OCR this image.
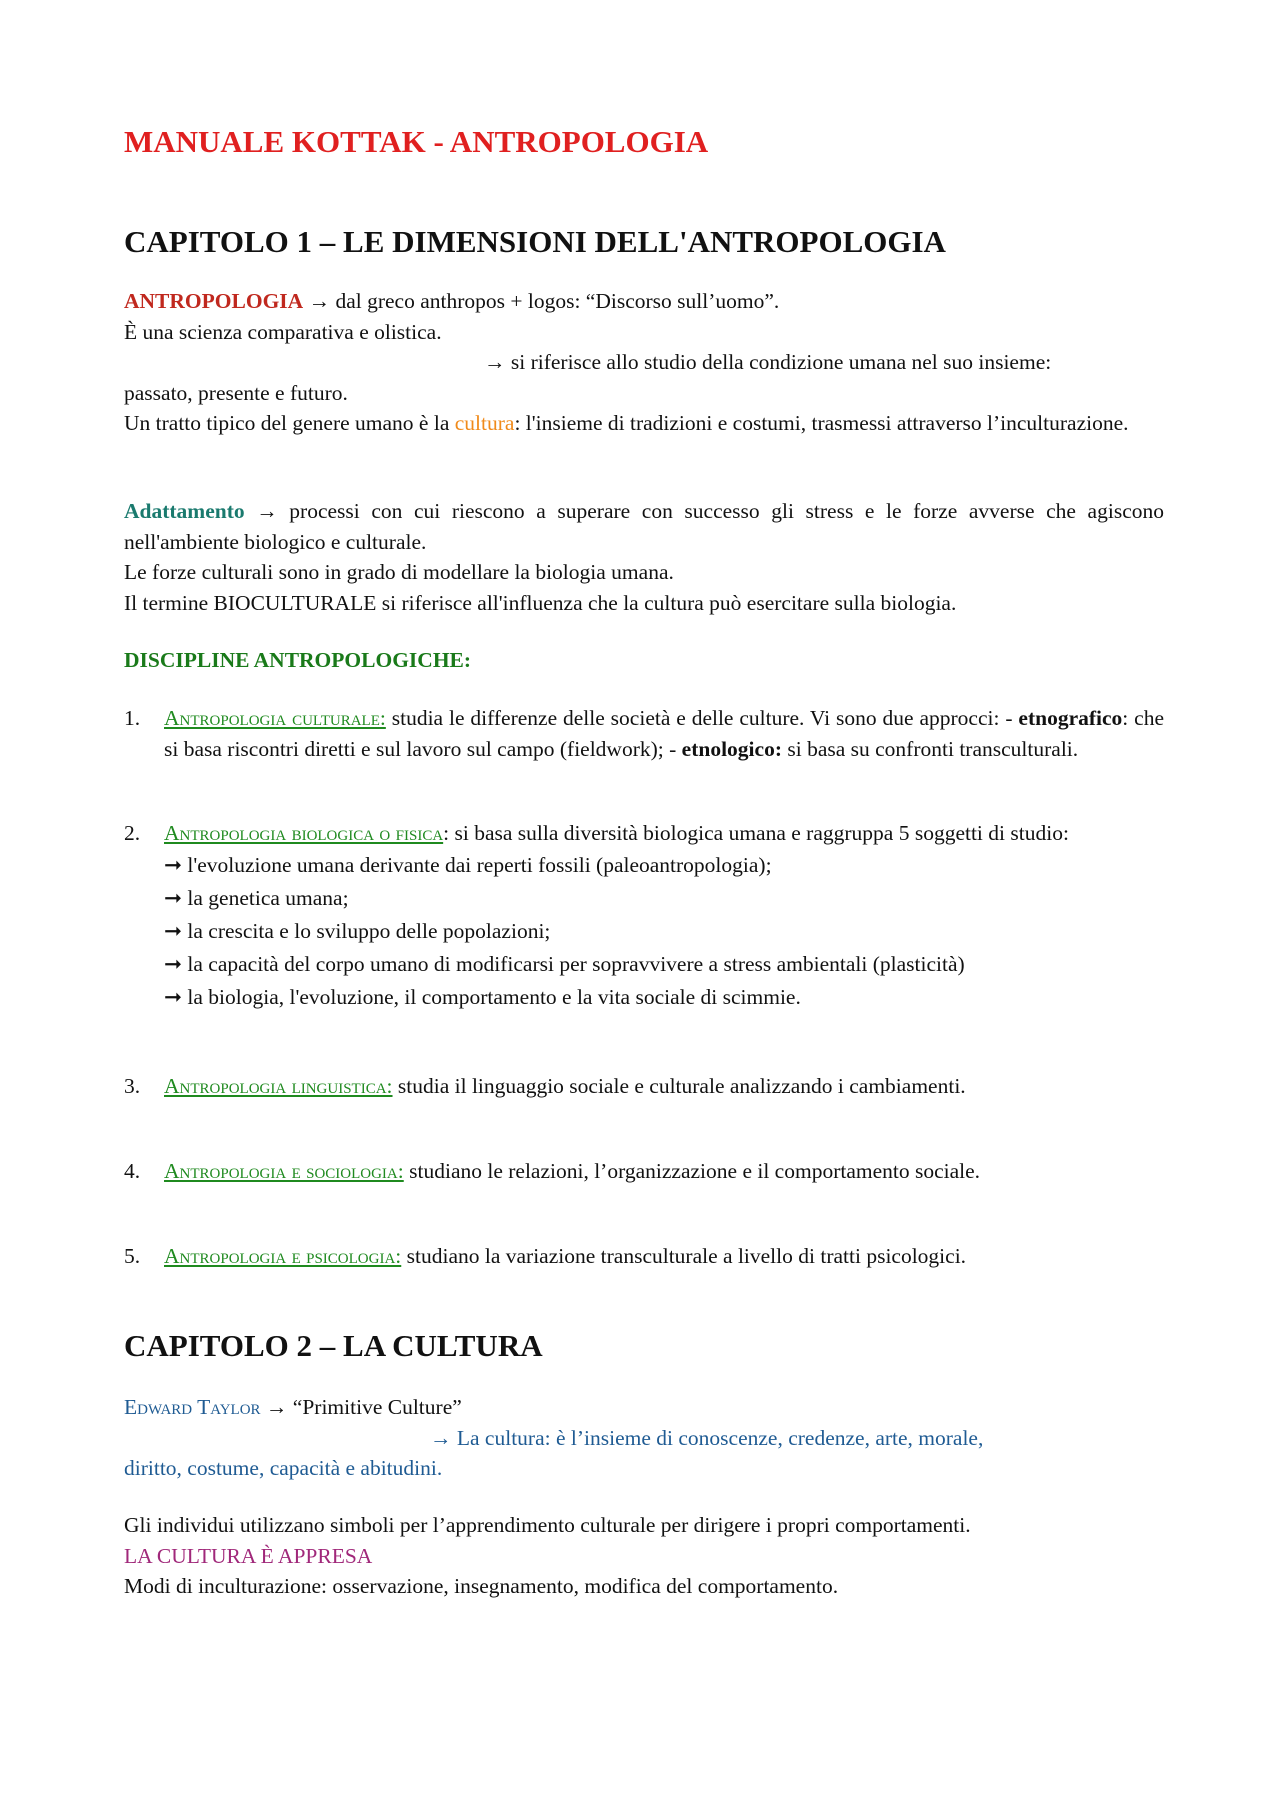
MANUALE KOTTAK - ANTROPOLOGIA

CAPITOLO 1 – LE DIMENSIONI DELL'ANTROPOLOGIA

ANTROPOLOGIA → dal greco anthropos + logos: “Discorso sull’uomo”.

È una scienza comparativa e olistica.

→ si riferisce allo studio della condizione umana nel suo insieme:

passato, presente e futuro.

Un tratto tipico del genere umano è la cultura: l'insieme di tradizioni e costumi, trasmessi attraverso l’inculturazione.

Adattamento → processi con cui riescono a superare con successo gli stress e le forze avverse che agiscono nell'ambiente biologico e culturale.

Le forze culturali sono in grado di modellare la biologia umana.

Il termine BIOCULTURALE si riferisce all'influenza che la cultura può esercitare sulla biologia.

DISCIPLINE ANTROPOLOGICHE:

1. Antropologia culturale: studia le differenze delle società e delle culture. Vi sono due approcci: - etnografico: che si basa riscontri diretti e sul lavoro sul campo (fieldwork); - etnologico: si basa su confronti transculturali.

2. Antropologia biologica o fisica: si basa sulla diversità biologica umana e raggruppa 5 soggetti di studio:

➞ l'evoluzione umana derivante dai reperti fossili (paleoantropologia);

➞ la genetica umana;

➞ la crescita e lo sviluppo delle popolazioni;

➞ la capacità del corpo umano di modificarsi per sopravvivere a stress ambientali (plasticità)

➞ la biologia, l'evoluzione, il comportamento e la vita sociale di scimmie.

3. Antropologia linguistica: studia il linguaggio sociale e culturale analizzando i cambiamenti.

4. Antropologia e sociologia: studiano le relazioni, l’organizzazione e il comportamento sociale.

5. Antropologia e psicologia: studiano la variazione transculturale a livello di tratti psicologici.

CAPITOLO 2 – LA CULTURA

Edward Taylor → “Primitive Culture”

→ La cultura: è l’insieme di conoscenze, credenze, arte, morale,

diritto, costume, capacità e abitudini.

Gli individui utilizzano simboli per l’apprendimento culturale per dirigere i propri comportamenti.

LA CULTURA È APPRESA

Modi di inculturazione: osservazione, insegnamento, modifica del comportamento.
